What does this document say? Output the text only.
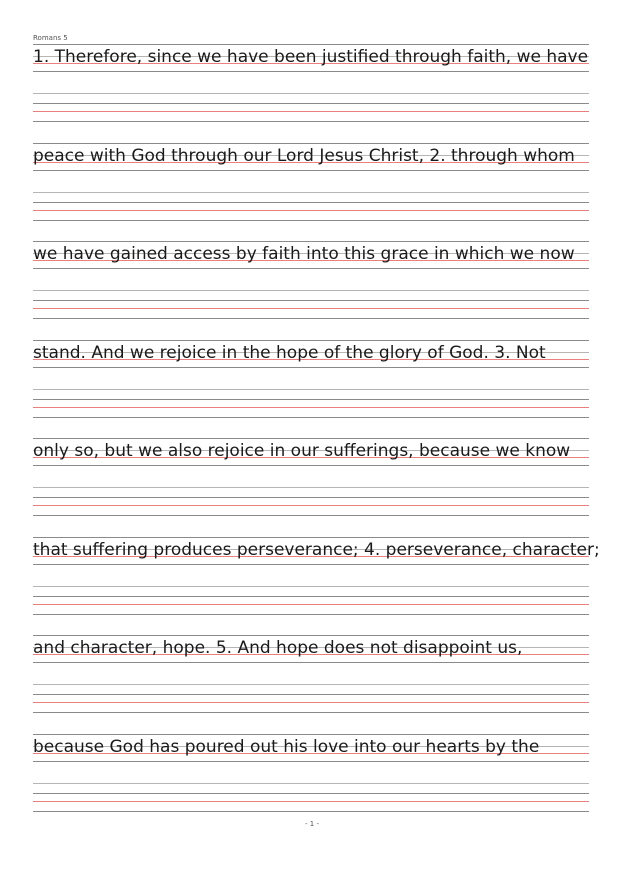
Romans 5
1. Therefore, since we have been justified through faith, we have
peace with God through our Lord Jesus Christ, 2. through whom
we have gained access by faith into this grace in which we now
stand. And we rejoice in the hope of the glory of God. 3. Not
only so, but we also rejoice in our sufferings, because we know
that suffering produces perseverance; 4. perseverance, character;
and character, hope. 5. And hope does not disappoint us,
because God has poured out his love into our hearts by the
- 1 -
